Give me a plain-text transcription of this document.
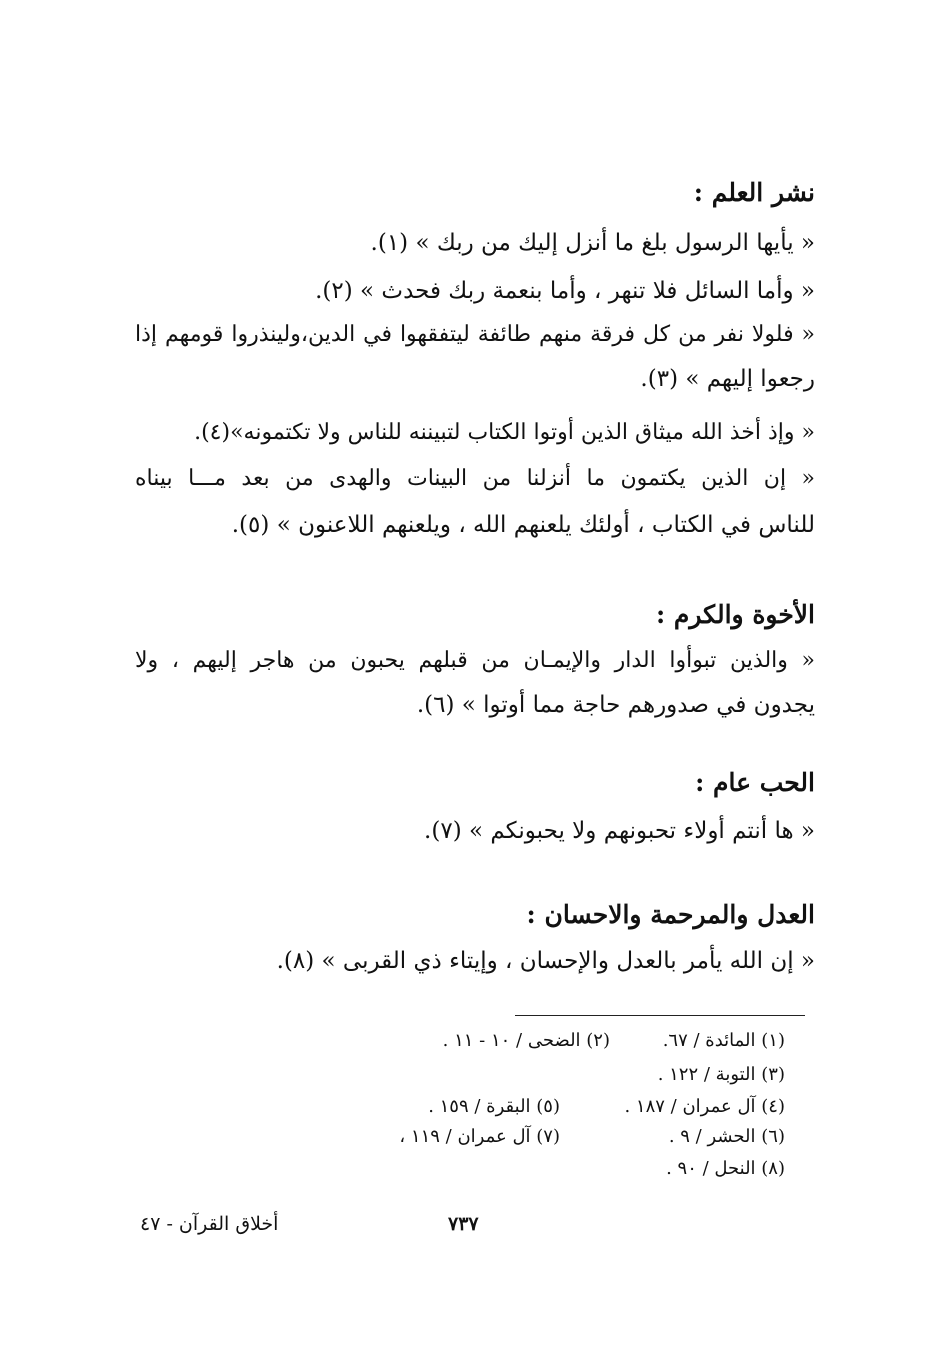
نشر العلم :
« يأيها الرسول بلغ ما أنزل إليك من ربك » (١).
« وأما السائل فلا تنهر ، وأما بنعمة ربك فحدث » (٢).
« فلولا نفر من كل فرقة منهم طائفة ليتفقهوا في الدين،ولينذروا قومهم إذا
رجعوا إليهم » (٣).
« وإذ أخذ الله ميثاق الذين أوتوا الكتاب لتبيننه للناس ولا تكتمونه»(٤).
« إن الذين يكتمون ما أنزلنا من البينات والهدى من بعد مـــا بيناه
للناس في الكتاب ، أولئك يلعنهم الله ، ويلعنهم اللاعنون » (٥).
الأخوة والكرم :
« والذين تبوأوا الدار والإيمـان من قبلهم يحبون من هاجر إليهم ، ولا
يجدون في صدورهم حاجة مما أوتوا » (٦).
الحب عام :
« ها أنتم أولاء تحبونهم ولا يحبونكم » (٧).
العدل والمرحمة والاحسان :
« إن الله يأمر بالعدل والإحسان ، وإيتاء ذي القربى » (٨).
(١) المائدة / ٦٧.
(٢) الضحى / ١٠ - ١١ .
(٣) التوبة / ١٢٢ .
(٤) آل عمران / ١٨٧ .
(٥) البقرة / ١٥٩ .
(٦) الحشر / ٩ .
(٧) آل عمران / ١١٩ ،
(٨) النحل / ٩٠ .
٧٣٧
أخلاق القرآن - ٤٧
